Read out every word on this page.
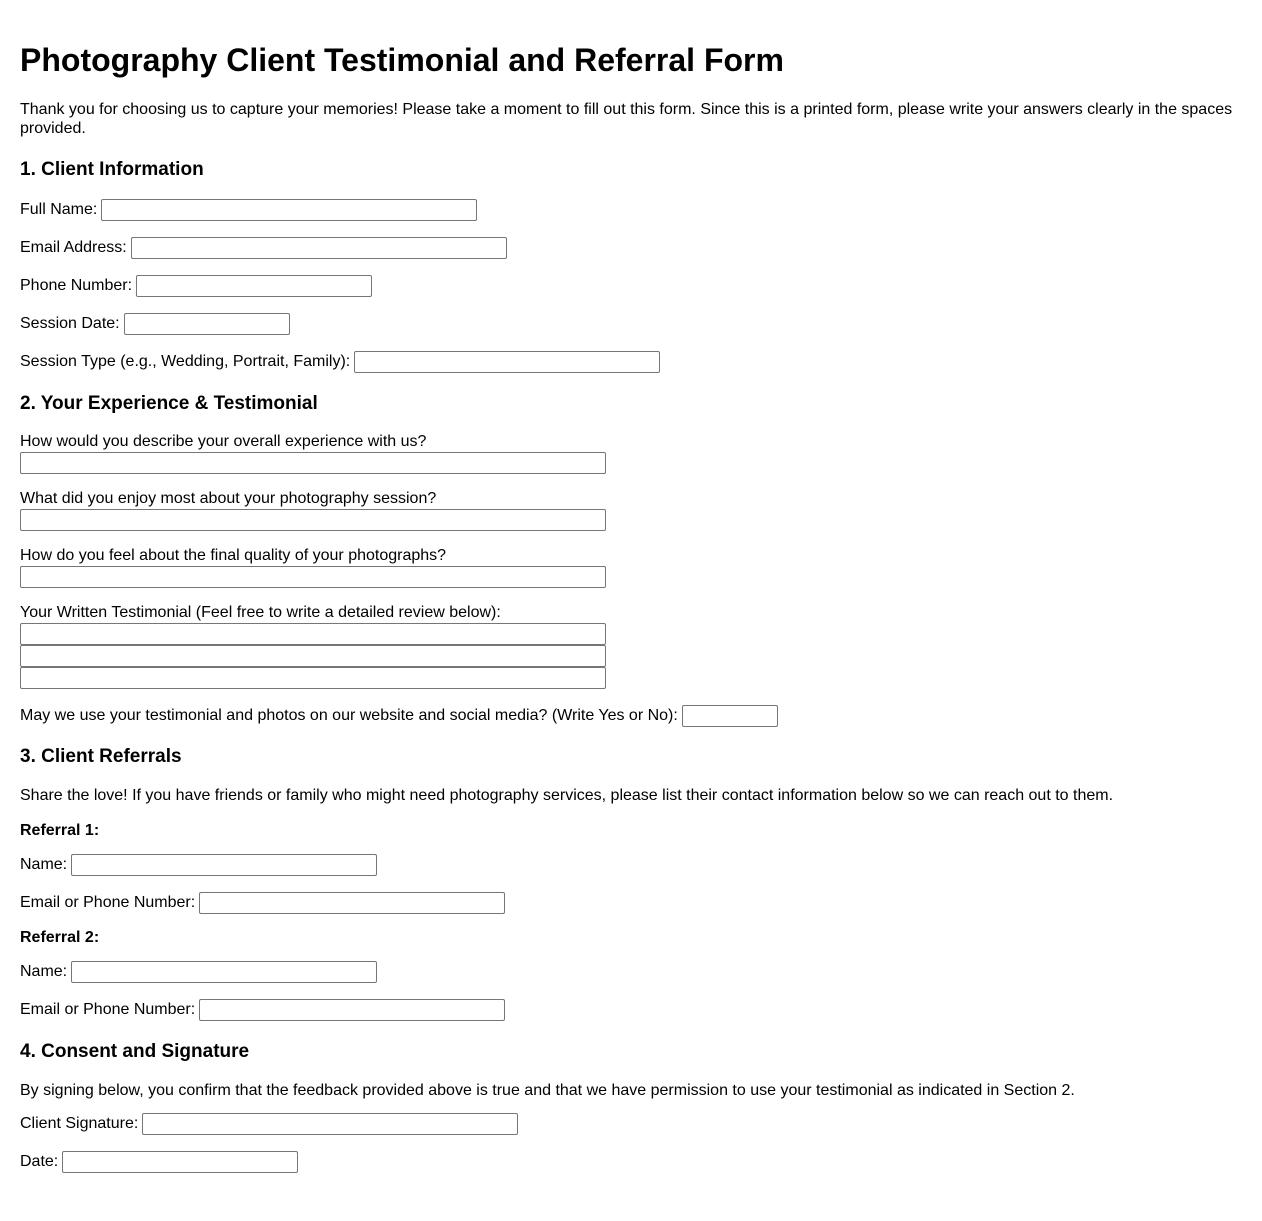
Photography Client Testimonial and Referral Form

Thank you for choosing us to capture your memories! Please take a moment to fill out this form. Since this is a printed form, please write your answers clearly in the spaces provided.

1. Client Information
Full Name:
Email Address:
Phone Number:
Session Date:
Session Type (e.g., Wedding, Portrait, Family):
2. Your Experience & Testimonial
How would you describe your overall experience with us?
What did you enjoy most about your photography session?
How do you feel about the final quality of your photographs?
Your Written Testimonial (Feel free to write a detailed review below):
May we use your testimonial and photos on our website and social media? (Write Yes or No):
3. Client Referrals

Share the love! If you have friends or family who might need photography services, please list their contact information below so we can reach out to them.

Referral 1:
Name:
Email or Phone Number:
Referral 2:
Name:
Email or Phone Number:
4. Consent and Signature

By signing below, you confirm that the feedback provided above is true and that we have permission to use your testimonial as indicated in Section 2.

Client Signature:
Date:
